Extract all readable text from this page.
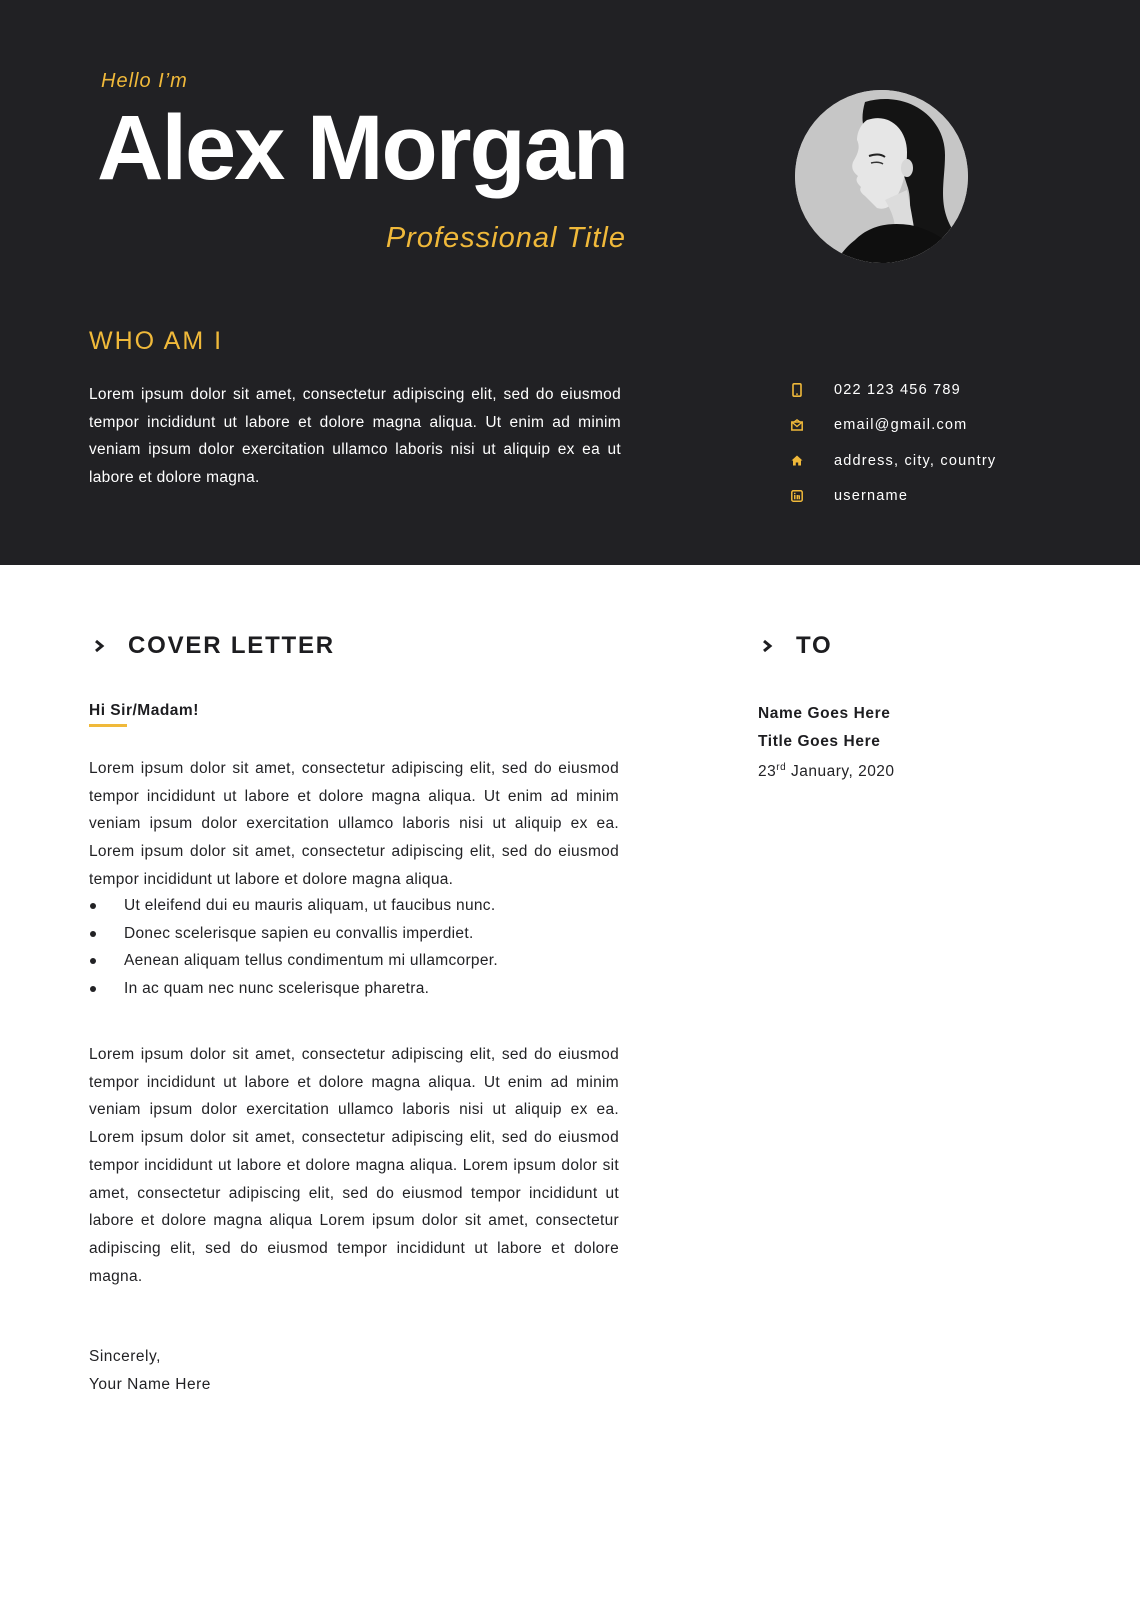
Hello I’m
Alex Morgan
Professional Title
WHO AM I

Lorem ipsum dolor sit amet, consectetur adipiscing elit, sed do eiusmod tempor incididunt ut labore et dolore magna aliqua. Ut enim ad minim veniam ipsum dolor exercitation ullamco laboris nisi ut aliquip ex ea ut labore et dolore magna.

022 123 456 789
email@gmail.com
address, city, country
username
COVER LETTER
Hi Sir/Madam!

Lorem ipsum dolor sit amet, consectetur adipiscing elit, sed do eiusmod tempor incididunt ut labore et dolore magna aliqua. Ut enim ad minim veniam ipsum dolor exercitation ullamco laboris nisi ut aliquip ex ea. Lorem ipsum dolor sit amet, consectetur adipiscing elit, sed do eiusmod tempor incididunt ut labore et dolore magna aliqua.

Ut eleifend dui eu mauris aliquam, ut faucibus nunc.
Donec scelerisque sapien eu convallis imperdiet.
Aenean aliquam tellus condimentum mi ullamcorper.
In ac quam nec nunc scelerisque pharetra.

Lorem ipsum dolor sit amet, consectetur adipiscing elit, sed do eiusmod tempor incididunt ut labore et dolore magna aliqua. Ut enim ad minim veniam ipsum dolor exercitation ullamco laboris nisi ut aliquip ex ea. Lorem ipsum dolor sit amet, consectetur adipiscing elit, sed do eiusmod tempor incididunt ut labore et dolore magna aliqua. Lorem ipsum dolor sit amet, consectetur adipiscing elit, sed do eiusmod tempor incididunt ut labore et dolore magna aliqua Lorem ipsum dolor sit amet, consectetur adipiscing elit, sed do eiusmod tempor incididunt ut labore et dolore magna.

Sincerely,
Your Name Here
TO
Name Goes Here
Title Goes Here
23rd January, 2020
